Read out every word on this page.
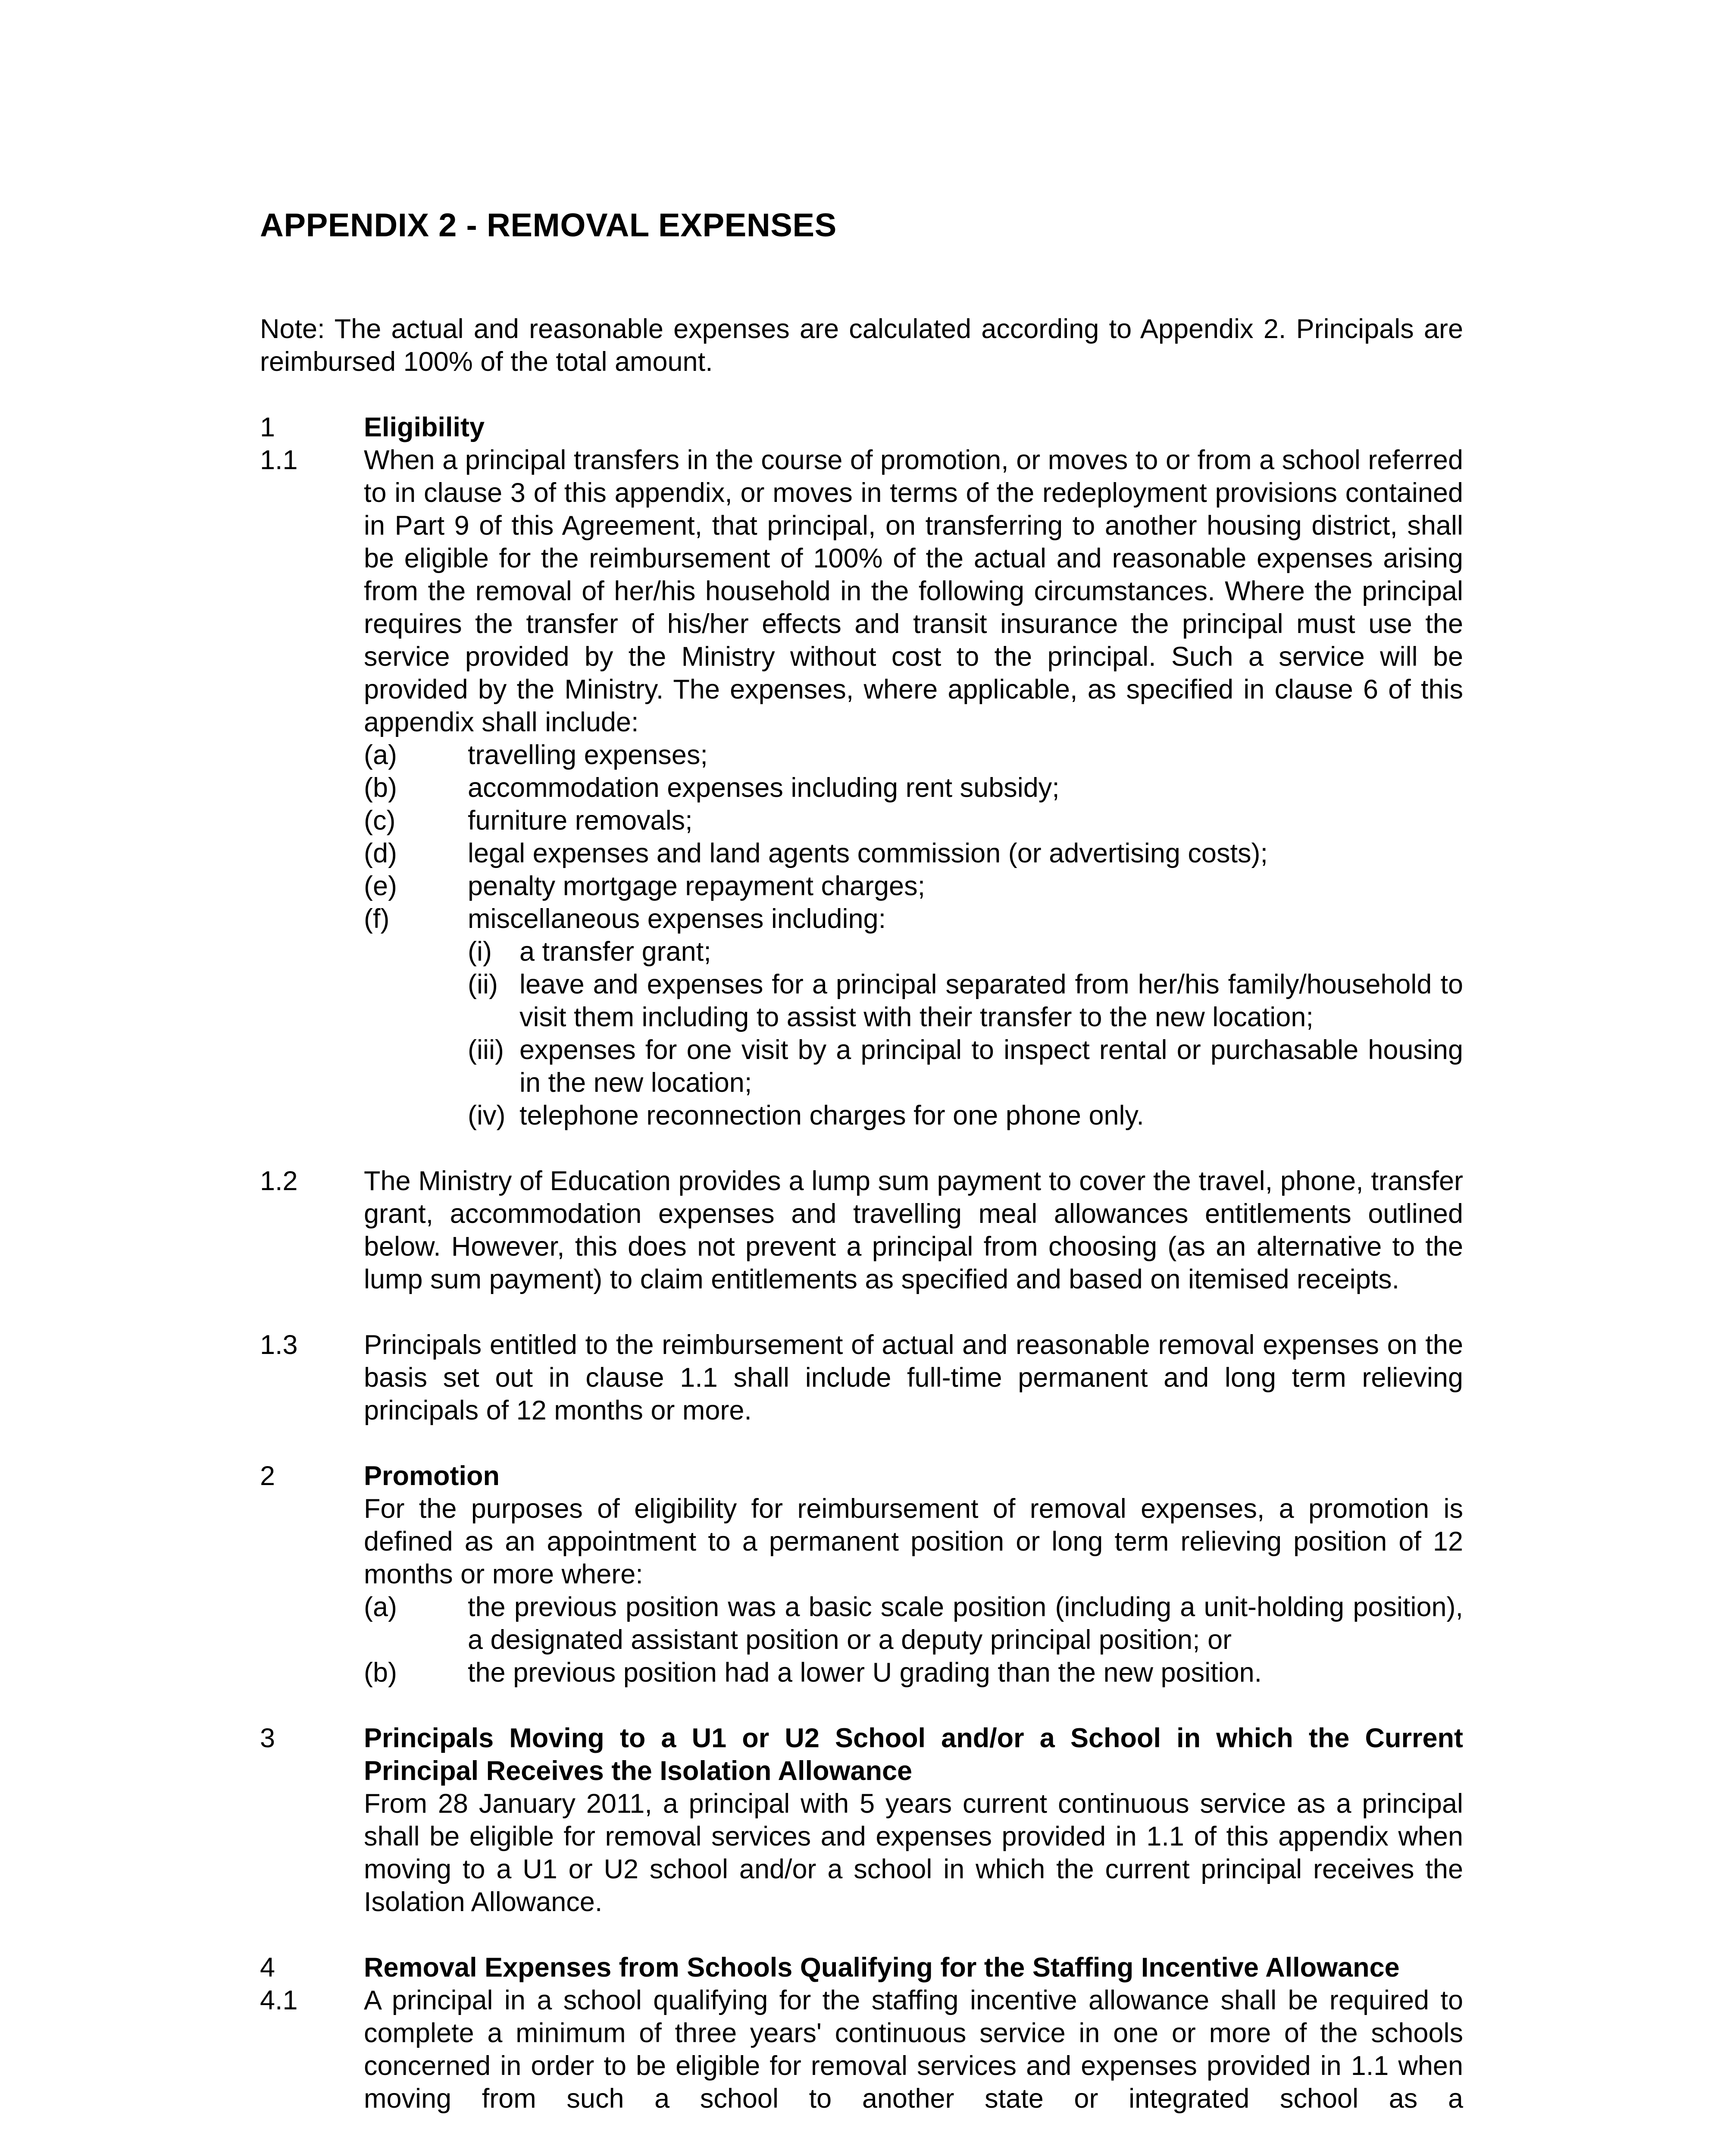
APPENDIX 2 - REMOVAL EXPENSES

Note: The actual and reasonable expenses are calculated according to Appendix 2. Principals are reimbursed 100% of the total amount.

1	Eligibility
1.1 When a principal transfers in the course of promotion, or moves to or from a school referred to in clause 3 of this appendix, or moves in terms of the redeployment provisions contained in Part 9 of this Agreement, that principal, on transferring to another housing district, shall be eligible for the reimbursement of 100% of the actual and reasonable expenses arising from the removal of her/his household in the following circumstances. Where the principal requires the transfer of his/her effects and transit insurance the principal must use the service provided by the Ministry without cost to the principal. Such a service will be provided by the Ministry. The expenses, where applicable, as specified in clause 6 of this appendix shall include:
(a)	travelling expenses;
(b)	accommodation expenses including rent subsidy;
(c)	furniture removals;
(d)	legal expenses and land agents commission (or advertising costs);
(e)	penalty mortgage repayment charges;
(f)	miscellaneous expenses including:
(i) a transfer grant;
(ii) leave and expenses for a principal separated from her/his family/household to visit them including to assist with their transfer to the new location;
(iii) expenses for one visit by a principal to inspect rental or purchasable housing in the new location;
(iv) telephone reconnection charges for one phone only.
1.2 The Ministry of Education provides a lump sum payment to cover the travel, phone, transfer grant, accommodation expenses and travelling meal allowances entitlements outlined below. However, this does not prevent a principal from choosing (as an alternative to the lump sum payment) to claim entitlements as specified and based on itemised receipts.
1.3 Principals entitled to the reimbursement of actual and reasonable removal expenses on the basis set out in clause 1.1 shall include full-time permanent and long term relieving principals of 12 months or more.
2	Promotion
For the purposes of eligibility for reimbursement of removal expenses, a promotion is defined as an appointment to a permanent position or long term relieving position of 12 months or more where:
(a)	the previous position was a basic scale position (including a unit-holding position), a designated assistant position or a deputy principal position; or
(b)	the previous position had a lower U grading than the new position.
3	Principals Moving to a U1 or U2 School and/or a School in which the Current Principal Receives the Isolation Allowance
From 28 January 2011, a principal with 5 years current continuous service as a principal shall be eligible for removal services and expenses provided in 1.1 of this appendix when moving to a U1 or U2 school and/or a school in which the current principal receives the Isolation Allowance.
4	Removal Expenses from Schools Qualifying for the Staffing Incentive Allowance
4.1 A principal in a school qualifying for the staffing incentive allowance shall be required to complete a minimum of three years' continuous service in one or more of the schools concerned in order to be eligible for removal services and expenses provided in 1.1 when moving from such a school to another state or integrated school as a
